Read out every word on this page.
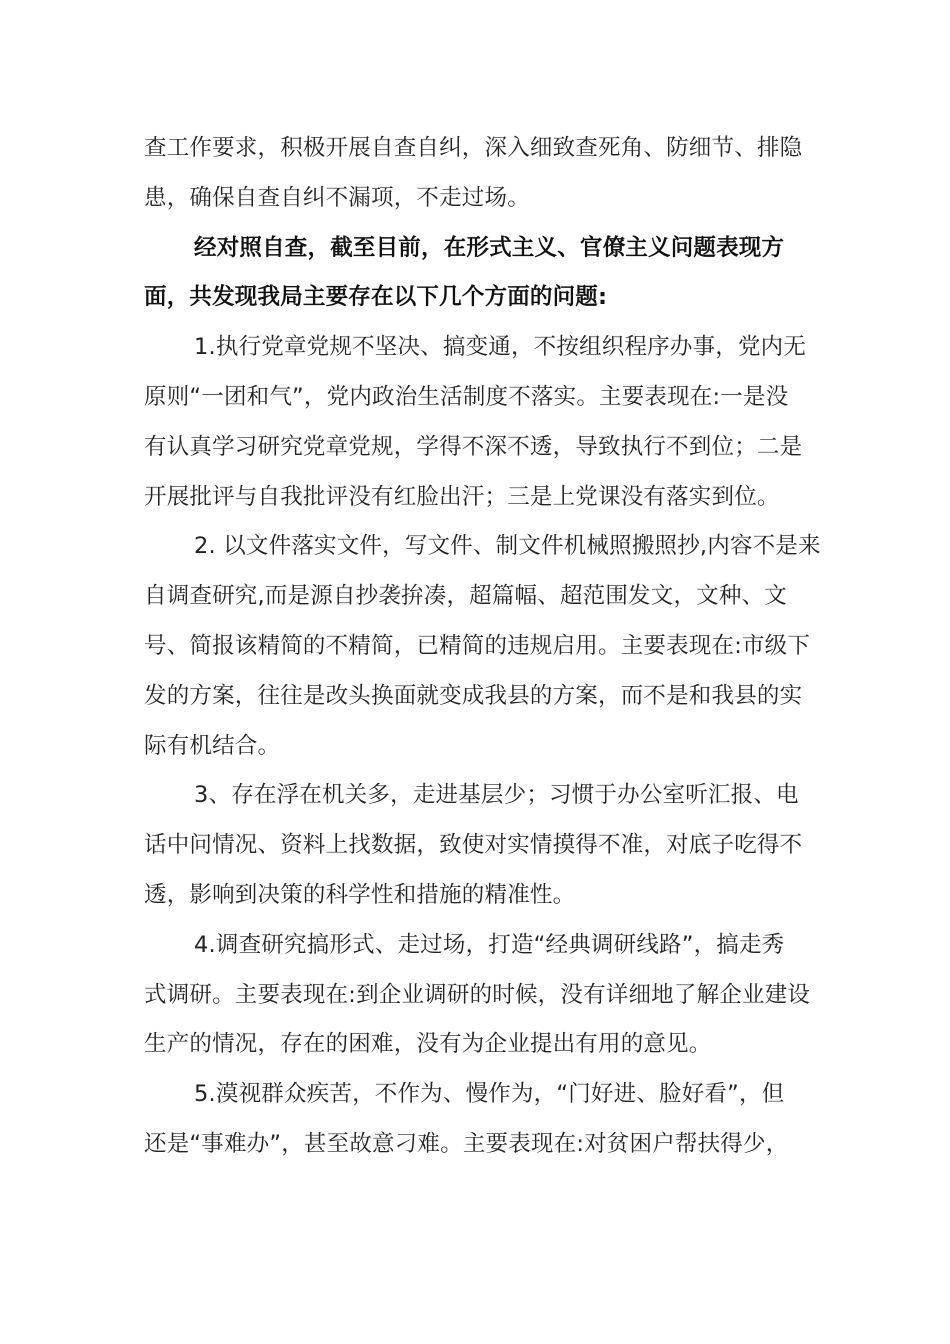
查工作要求，积极开展自查自纠，深入细致查死角、防细节、排隐
患，确保自查自纠不漏项，不走过场。

经对照自查，截至目前，在形式主义、官僚主义问题表现方
面，共发现我局主要存在以下几个方面的问题:

1.执行党章党规不坚决、搞变通，不按组织程序办事，党内无
原则“一团和气”，党内政治生活制度不落实。主要表现在:一是没
有认真学习研究党章党规，学得不深不透，导致执行不到位；二是
开展批评与自我批评没有红脸出汗；三是上党课没有落实到位。

2. 以文件落实文件，写文件、制文件机械照搬照抄,内容不是来
自调查研究,而是源自抄袭拚凑，超篇幅、超范围发文，文种、文
号、简报该精简的不精简，已精简的违规启用。主要表现在:市级下
发的方案，往往是改头换面就变成我县的方案，而不是和我县的实
际有机结合。

3、存在浮在机关多，走进基层少；习惯于办公室听汇报、电
话中问情况、资料上找数据，致使对实情摸得不准，对底子吃得不
透，影响到决策的科学性和措施的精准性。

4.调查研究搞形式、走过场，打造“经典调研线路”，搞走秀
式调研。主要表现在:到企业调研的时候，没有详细地了解企业建设
生产的情况，存在的困难，没有为企业提出有用的意见。

5.漠视群众疾苦，不作为、慢作为，“门好进、脸好看”，但
还是“事难办”，甚至故意刁难。主要表现在:对贫困户帮扶得少，
